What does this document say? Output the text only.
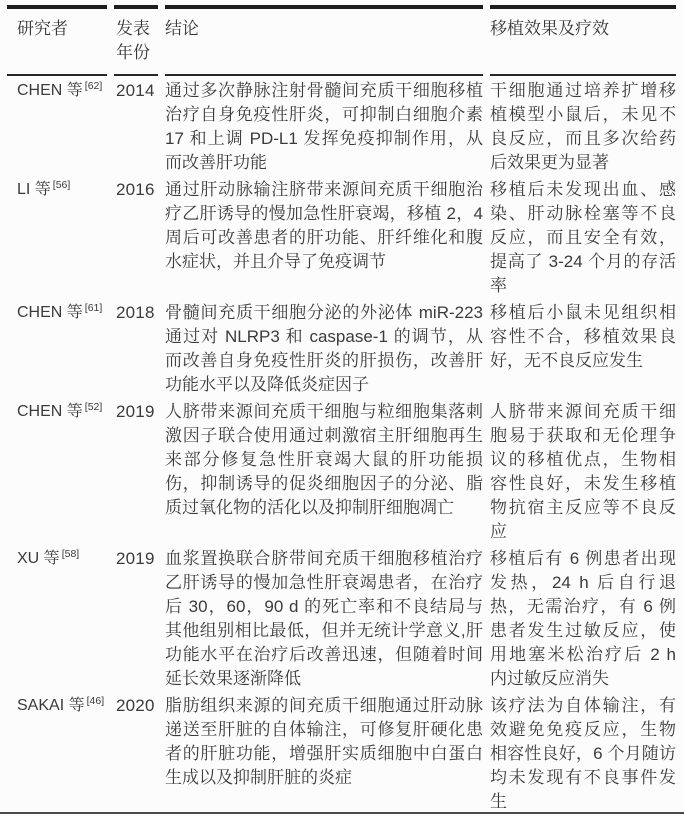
研究者	发表年份	结论	移植效果及疗效
CHEN 等 [62]	2014	通过多次静脉注射骨髓间充质干细胞移植治疗自身免疫性肝炎，可抑制白细胞介素 17 和上调 PD-L1 发挥免疫抑制作用，从而改善肝功能	干细胞通过培养扩增移植模型小鼠后，未见不良反应，而且多次给药后效果更为显著
LI 等 [56]	2016	通过肝动脉输注脐带来源间充质干细胞治疗乙肝诱导的慢加急性肝衰竭，移植 2，4 周后可改善患者的肝功能、肝纤维化和腹水症状，并且介导了免疫调节	移植后未发现出血、感染、肝动脉栓塞等不良反应，而且安全有效，提高了 3-24 个月的存活率
CHEN 等 [61]	2018	骨髓间充质干细胞分泌的外泌体 miR-223 通过对 NLRP3 和 caspase-1 的调节，从而改善自身免疫性肝炎的肝损伤，改善肝功能水平以及降低炎症因子	移植后小鼠未见组织相容性不合，移植效果良好，无不良反应发生
CHEN 等 [52]	2019	人脐带来源间充质干细胞与粒细胞集落刺激因子联合使用通过刺激宿主肝细胞再生来部分修复急性肝衰竭大鼠的肝功能损伤，抑制诱导的促炎细胞因子的分泌、脂质过氧化物的活化以及抑制肝细胞凋亡	人脐带来源间充质干细胞易于获取和无伦理争议的移植优点，生物相容性良好，未发生移植物抗宿主反应等不良反应
XU 等 [58]	2019	血浆置换联合脐带间充质干细胞移植治疗乙肝诱导的慢加急性肝衰竭患者，在治疗后 30，60，90 d 的死亡率和不良结局与其他组别相比最低，但并无统计学意义,肝功能水平在治疗后改善迅速，但随着时间延长效果逐渐降低	移植后有 6 例患者出现发热，24 h 后自行退热，无需治疗，有 6 例患者发生过敏反应，使用地塞米松治疗后 2 h 内过敏反应消失
SAKAI 等 [46]	2020	脂肪组织来源的间充质干细胞通过肝动脉递送至肝脏的自体输注，可修复肝硬化患者的肝脏功能，增强肝实质细胞中白蛋白生成以及抑制肝脏的炎症	该疗法为自体输注，有效避免免疫反应，生物相容性良好，6 个月随访均未发现有不良事件发生
